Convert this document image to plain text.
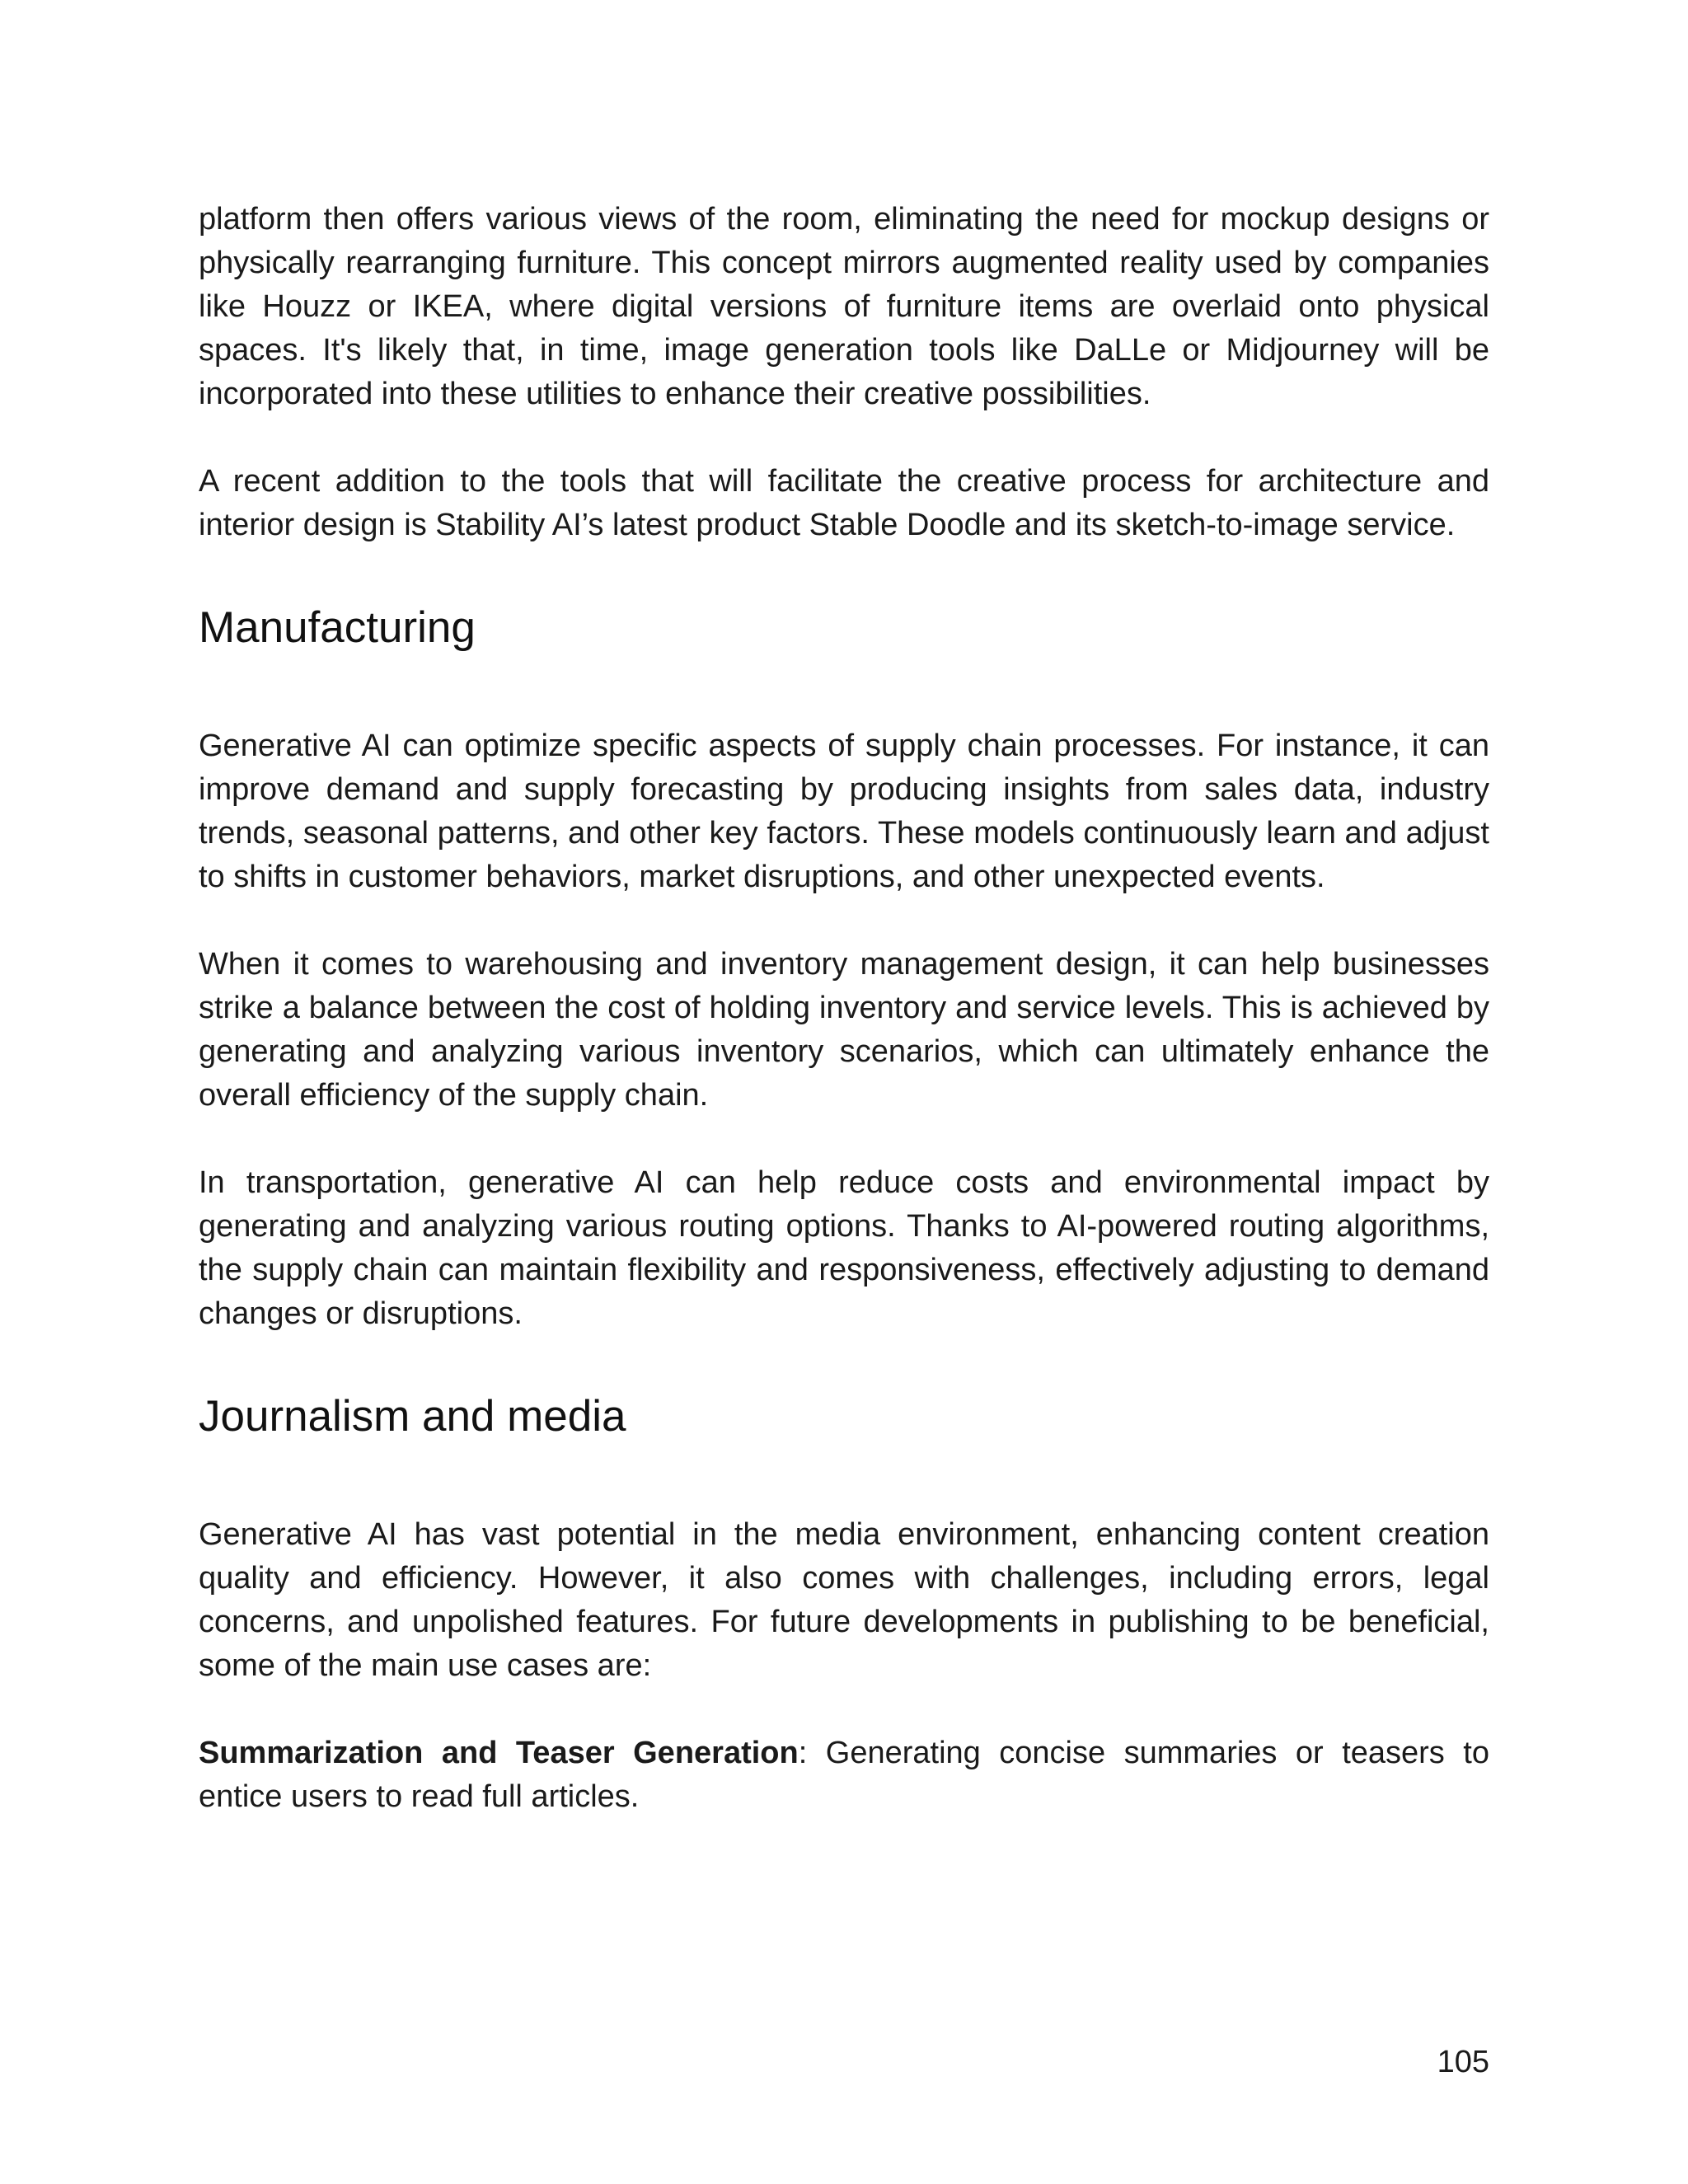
platform then offers various views of the room, eliminating the need for mockup designs or physically rearranging furniture. This concept mirrors augmented reality used by companies like Houzz or IKEA, where digital versions of furniture items are overlaid onto physical spaces. It's likely that, in time, image generation tools like DaLLe or Midjourney will be incorporated into these utilities to enhance their creative possibilities.

A recent addition to the tools that will facilitate the creative process for architecture and interior design is Stability AI’s latest product Stable Doodle and its sketch-to-image service.

Manufacturing

Generative AI can optimize specific aspects of supply chain processes. For instance, it can improve demand and supply forecasting by producing insights from sales data, industry trends, seasonal patterns, and other key factors. These models continuously learn and adjust to shifts in customer behaviors, market disruptions, and other unexpected events.

When it comes to warehousing and inventory management design, it can help businesses strike a balance between the cost of holding inventory and service levels. This is achieved by generating and analyzing various inventory scenarios, which can ultimately enhance the overall efficiency of the supply chain.

In transportation, generative AI can help reduce costs and environmental impact by generating and analyzing various routing options. Thanks to AI-powered routing algorithms, the supply chain can maintain flexibility and responsiveness, effectively adjusting to demand changes or disruptions.

Journalism and media

Generative AI has vast potential in the media environment, enhancing content creation quality and efficiency. However, it also comes with challenges, including errors, legal concerns, and unpolished features. For future developments in publishing to be beneficial, some of the main use cases are:

Summarization and Teaser Generation: Generating concise summaries or teasers to entice users to read full articles.

105
